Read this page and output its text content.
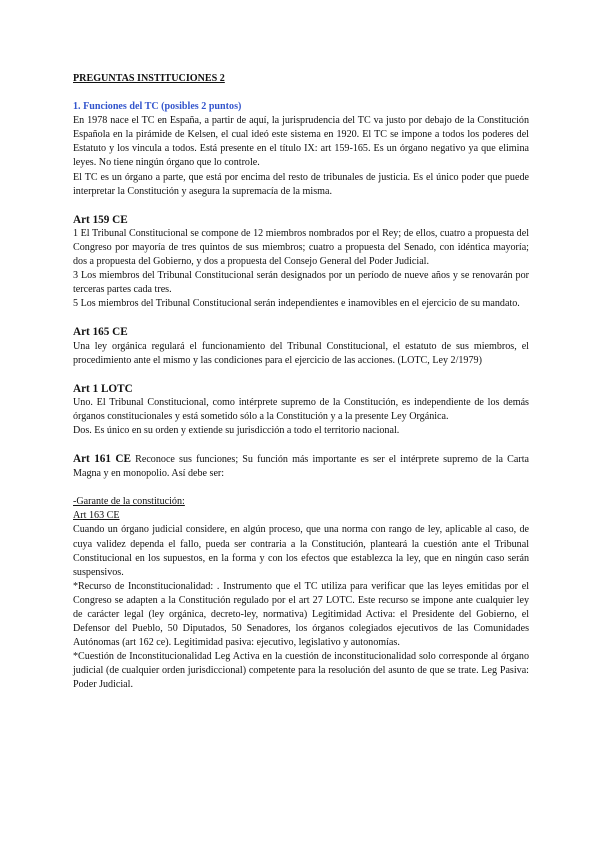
PREGUNTAS INSTITUCIONES 2

1. Funciones del TC (posibles 2 puntos)

En 1978 nace el TC en España, a partir de aquí, la jurisprudencia del TC va justo por debajo de la Constitución Española en la pirámide de Kelsen, el cual ideó este sistema en 1920. El TC se impone a todos los poderes del Estatuto y los vincula a todos. Está presente en el título IX: art 159-165. Es un órgano negativo ya que elimina leyes. No tiene ningún órgano que lo controle.

El TC es un órgano a parte, que está por encima del resto de tribunales de justicia. Es el único poder que puede interpretar la Constitución y asegura la supremacía de la misma.

Art 159 CE

1 El Tribunal Constitucional se compone de 12 miembros nombrados por el Rey; de ellos, cuatro a propuesta del Congreso por mayoría de tres quintos de sus miembros; cuatro a propuesta del Senado, con idéntica mayoría; dos a propuesta del Gobierno, y dos a propuesta del Consejo General del Poder Judicial.

3 Los miembros del Tribunal Constitucional serán designados por un período de nueve años y se renovarán por terceras partes cada tres.

5 Los miembros del Tribunal Constitucional serán independientes e inamovibles en el ejercicio de su mandato.

Art 165 CE

Una ley orgánica regulará el funcionamiento del Tribunal Constitucional, el estatuto de sus miembros, el procedimiento ante el mismo y las condiciones para el ejercicio de las acciones. (LOTC, Ley 2/1979)

Art 1 LOTC

Uno. El Tribunal Constitucional, como intérprete supremo de la Constitución, es independiente de los demás órganos constitucionales y está sometido sólo a la Constitución y a la presente Ley Orgánica.

Dos. Es único en su orden y extiende su jurisdicción a todo el territorio nacional.

Art 161 CE Reconoce sus funciones; Su función más importante es ser el intérprete supremo de la Carta Magna y en monopolio. Así debe ser:

-Garante de la constitución:

Art 163 CE

Cuando un órgano judicial considere, en algún proceso, que una norma con rango de ley, aplicable al caso, de cuya validez dependa el fallo, pueda ser contraria a la Constitución, planteará la cuestión ante el Tribunal Constitucional en los supuestos, en la forma y con los efectos que establezca la ley, que en ningún caso serán suspensivos.

*Recurso de Inconstitucionalidad: . Instrumento que el TC utiliza para verificar que las leyes emitidas por el Congreso se adapten a la Constitución regulado por el art 27 LOTC. Este recurso se impone ante cualquier ley de carácter legal (ley orgánica, decreto-ley, normativa) Legitimidad Activa: el Presidente del Gobierno, el Defensor del Pueblo, 50 Diputados, 50 Senadores, los órganos colegiados ejecutivos de las Comunidades Autónomas (art 162 ce). Legitimidad pasiva: ejecutivo, legislativo y autonomías.

*Cuestión de Inconstitucionalidad Leg Activa en la cuestión de inconstitucionalidad solo corresponde al órgano judicial (de cualquier orden jurisdiccional) competente para la resolución del asunto de que se trate. Leg Pasiva: Poder Judicial.
